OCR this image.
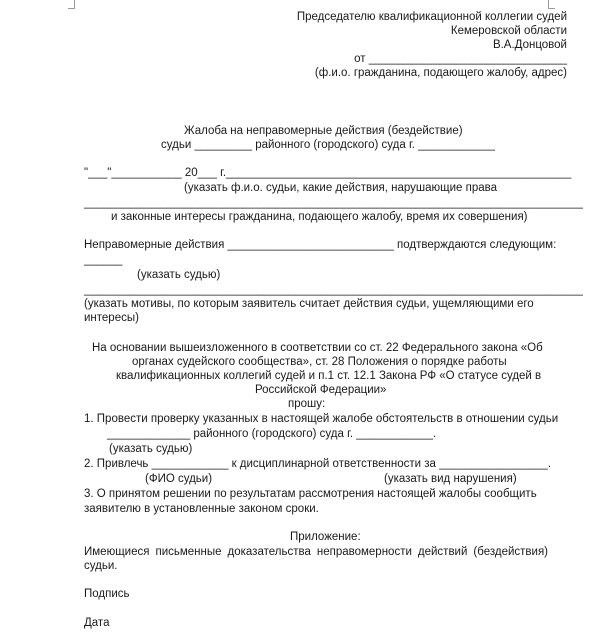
Председателю квалификационной коллегии судей
Кемеровской области
В.А.Донцовой
от _______________________________
(ф.и.о. гражданина, подающего жалобу, адрес)
Жалоба на неправомерные действия (бездействие)
судьи _________ районного (городского) суда г. ____________
"___"___________ 20___ г.______________________________________________________
(указать ф.и.о. судьи, какие действия, нарушающие права
______________________________________________________________________________
и законные интересы гражданина, подающего жалобу, время их совершения)
Неправомерные действия __________________________ подтверждаются следующим:
______
(указать судью)
______________________________________________________________________________
(указать мотивы, по которым заявитель считает действия судьи, ущемляющими его
интересы)
На основании вышеизложенного в соответствии со ст. 22 Федерального закона «Об
органах судейского сообщества», ст. 28 Положения о порядке работы
квалификационных коллегий судей и п.1 ст. 12.1 Закона РФ «О статусе судей в
Российской Федерации»
прошу:
1. Провести проверку указанных в настоящей жалобе обстоятельств в отношении судьи
_____________ районного (городского) суда г. ____________.
(указать судью)
2. Привлечь ____________ к дисциплинарной ответственности за _________________.
(ФИО судьи)	(указать вид нарушения)
3. О принятом решении по результатам рассмотрения настоящей жалобы сообщить
заявителю в установленные законом сроки.
Приложение:
Имеющиеся письменные доказательства неправомерности действий (бездействия)
судьи.
Подпись
Дата
